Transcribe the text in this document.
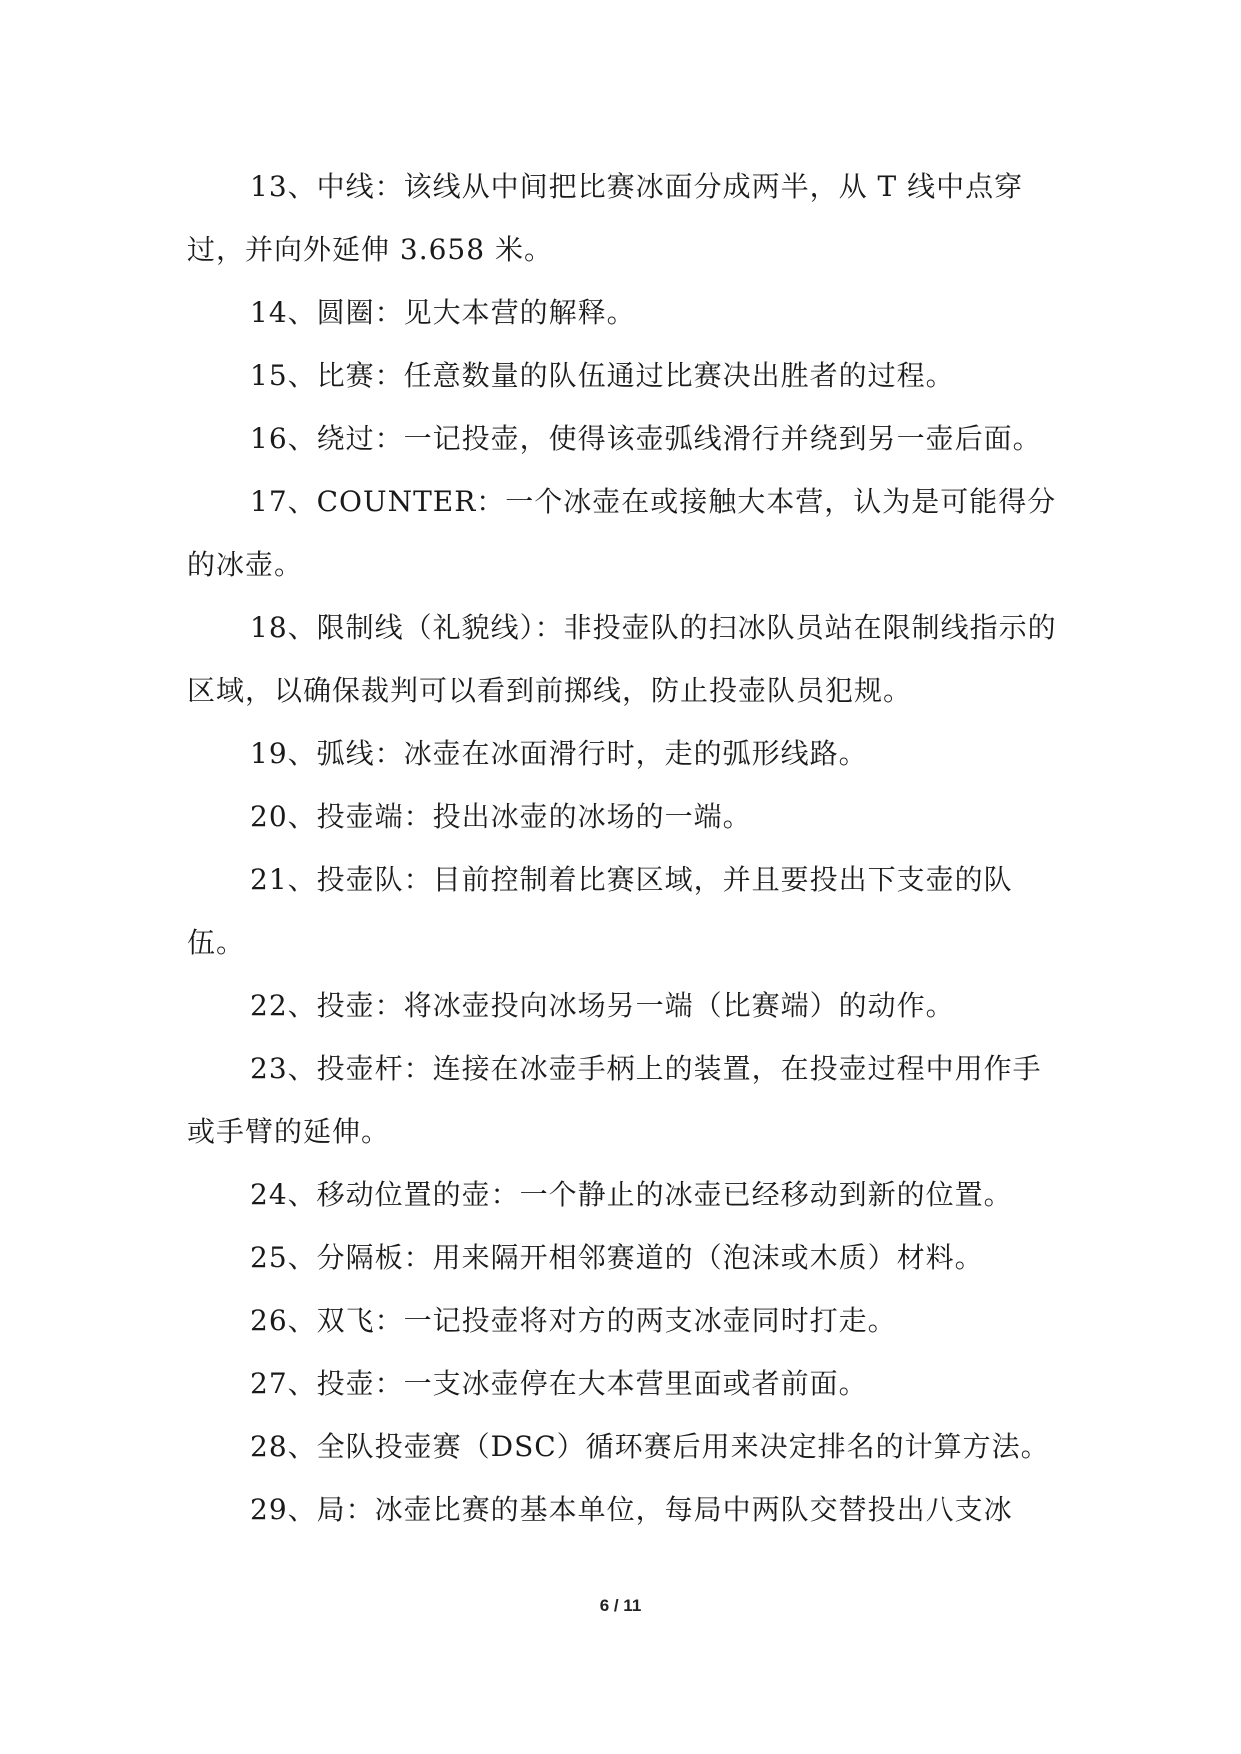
13、中线：该线从中间把比赛冰面分成两半，从 T 线中点穿过，并向外延伸 3.658 米。

14、圆圈：见大本营的解释。

15、比赛：任意数量的队伍通过比赛决出胜者的过程。

16、绕过：一记投壶，使得该壶弧线滑行并绕到另一壶后面。

17、COUNTER：一个冰壶在或接触大本营，认为是可能得分的冰壶。

18、限制线（礼貌线）：非投壶队的扫冰队员站在限制线指示的区域，以确保裁判可以看到前掷线，防止投壶队员犯规。

19、弧线：冰壶在冰面滑行时，走的弧形线路。

20、投壶端：投出冰壶的冰场的一端。

21、投壶队：目前控制着比赛区域，并且要投出下支壶的队伍。

22、投壶：将冰壶投向冰场另一端（比赛端）的动作。

23、投壶杆：连接在冰壶手柄上的装置，在投壶过程中用作手或手臂的延伸。

24、移动位置的壶：一个静止的冰壶已经移动到新的位置。

25、分隔板：用来隔开相邻赛道的（泡沫或木质）材料。

26、双飞：一记投壶将对方的两支冰壶同时打走。

27、投壶：一支冰壶停在大本营里面或者前面。

28、全队投壶赛（DSC）循环赛后用来决定排名的计算方法。

29、局：冰壶比赛的基本单位，每局中两队交替投出八支冰

6 / 11
